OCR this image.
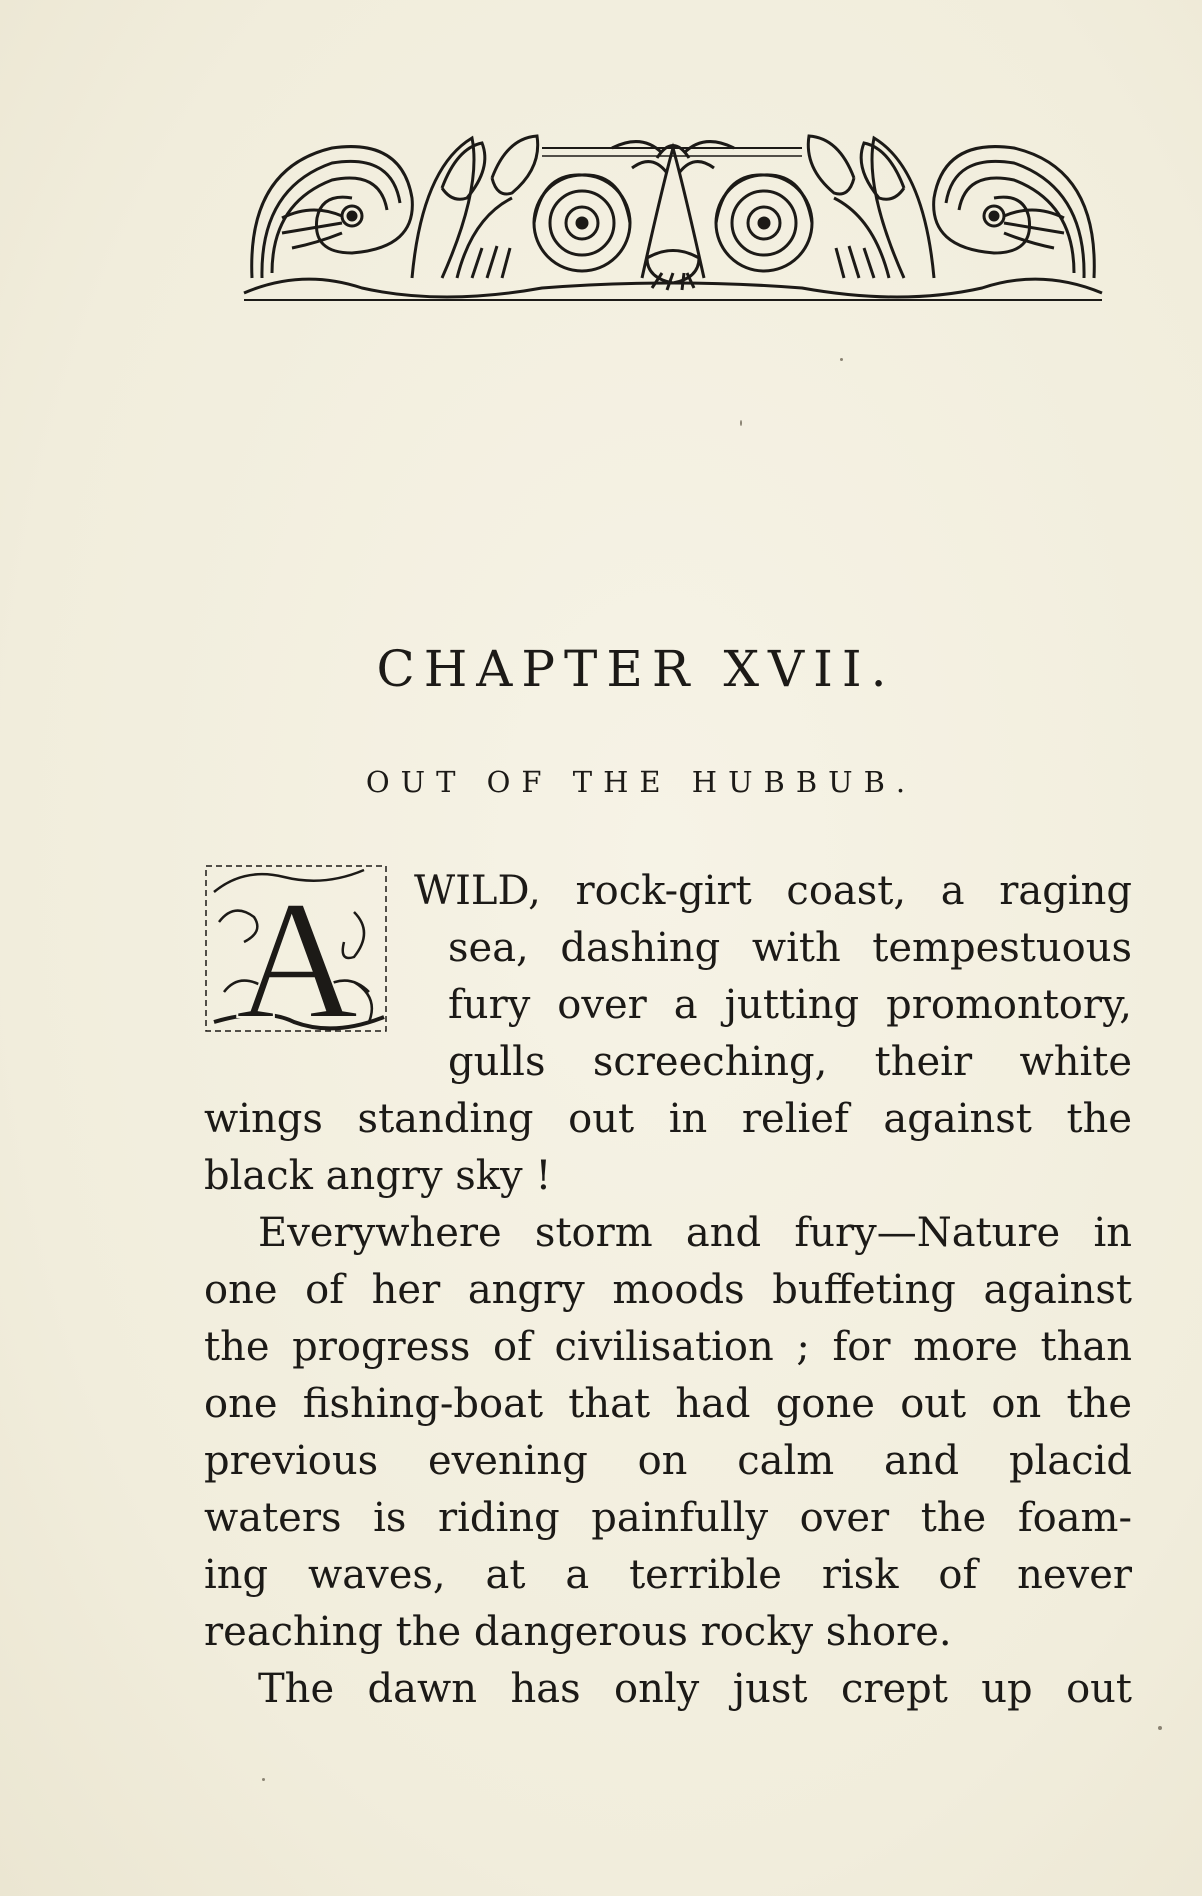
CHAPTER XVII.
OUT OF THE HUBBUB.
A WILD, rock-girt coast, a raging
sea, dashing with tempestuous
fury over a jutting promontory,
gulls screeching, their white
wings standing out in relief against the
black angry sky !
Everywhere storm and fury—Nature in
one of her angry moods buffeting against
the progress of civilisation ; for more than
one fishing-boat that had gone out on the
previous evening on calm and placid
waters is riding painfully over the foam-
ing waves, at a terrible risk of never
reaching the dangerous rocky shore.
The dawn has only just crept up out
